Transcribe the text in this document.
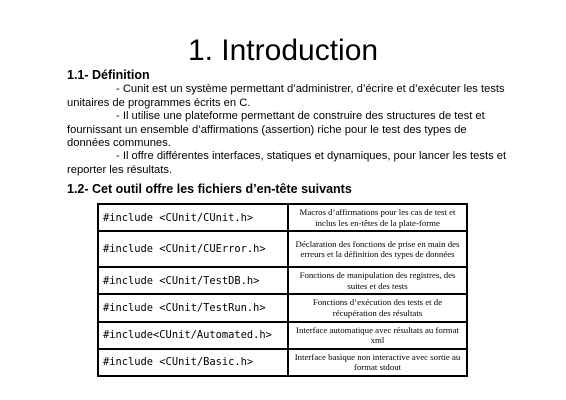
1. Introduction
1.1- Définition
- Cunit est un système permettant d’administrer, d’écrire et d’exécuter les tests unitaires de programmes écrits en C.
- Il utilise une plateforme permettant de construire des structures de test et fournissant un ensemble d’affirmations (assertion) riche pour le test des types de données communes.
- Il offre différentes interfaces, statiques et dynamiques, pour lancer les tests et reporter les résultats.
1.2- Cet outil offre les fichiers d’en-tête suivants
#include <CUnit/CUnit.h>	Macros d’affirmations pour les cas de test et inclus les en-têtes de la plate-forme
#include <CUnit/CUError.h>	Déclaration des fonctions de prise en main des erreurs et la définition des types de données
#include <CUnit/TestDB.h>	Fonctions de manipulation des registres, des suites et des tests
#include <CUnit/TestRun.h>	Fonctions d’exécution des tests et de récupération des résultats
#include<CUnit/Automated.h>	Interface automatique avec résultats au format xml
#include <CUnit/Basic.h>	Interface basique non interactive avec sortie au format stdout
